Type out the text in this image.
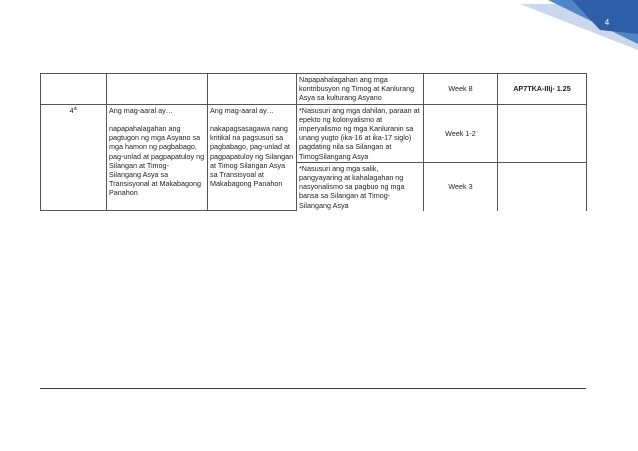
4

			Napapahalagahan ang mga kontribusyon ng Timog at Kanlurang Asya sa kulturang Asyano	Week 8	AP7TKA-IIIj- 1.25
4th	Ang mag-aaral ay…

napapahalagahan ang pagtugon ng mga Asyano sa mga hamon ng pagbabago, pag-unlad at pagpapatuloy ng Silangan at Timog-
Silangang Asya sa Transisyonal at Makabagong Panahon	Ang mag-aaral ay…

nakapagsasagawa nang kritikal na pagsusuri sa pagbabago, pag-unlad at pagpapatuloy ng Silangan at Timog Silangan Asya sa Transisyoal at Makabagong Panahon	*Nasusuri ang mga dahilan, paraan at epekto ng kolonyalismo at imperyalismo ng mga Kanluranin sa unang yugto (ika-16 at ika-17 siglo) pagdating nila sa Silangan at TimogSilangang Asya	Week 1-2	

			*Nasusuri ang mga salik, pangyayaring at kahalagahan ng nasyonalismo sa pagbuo ng mga bansa sa Silangan at Timog-Silangang Asya	Week 3	
